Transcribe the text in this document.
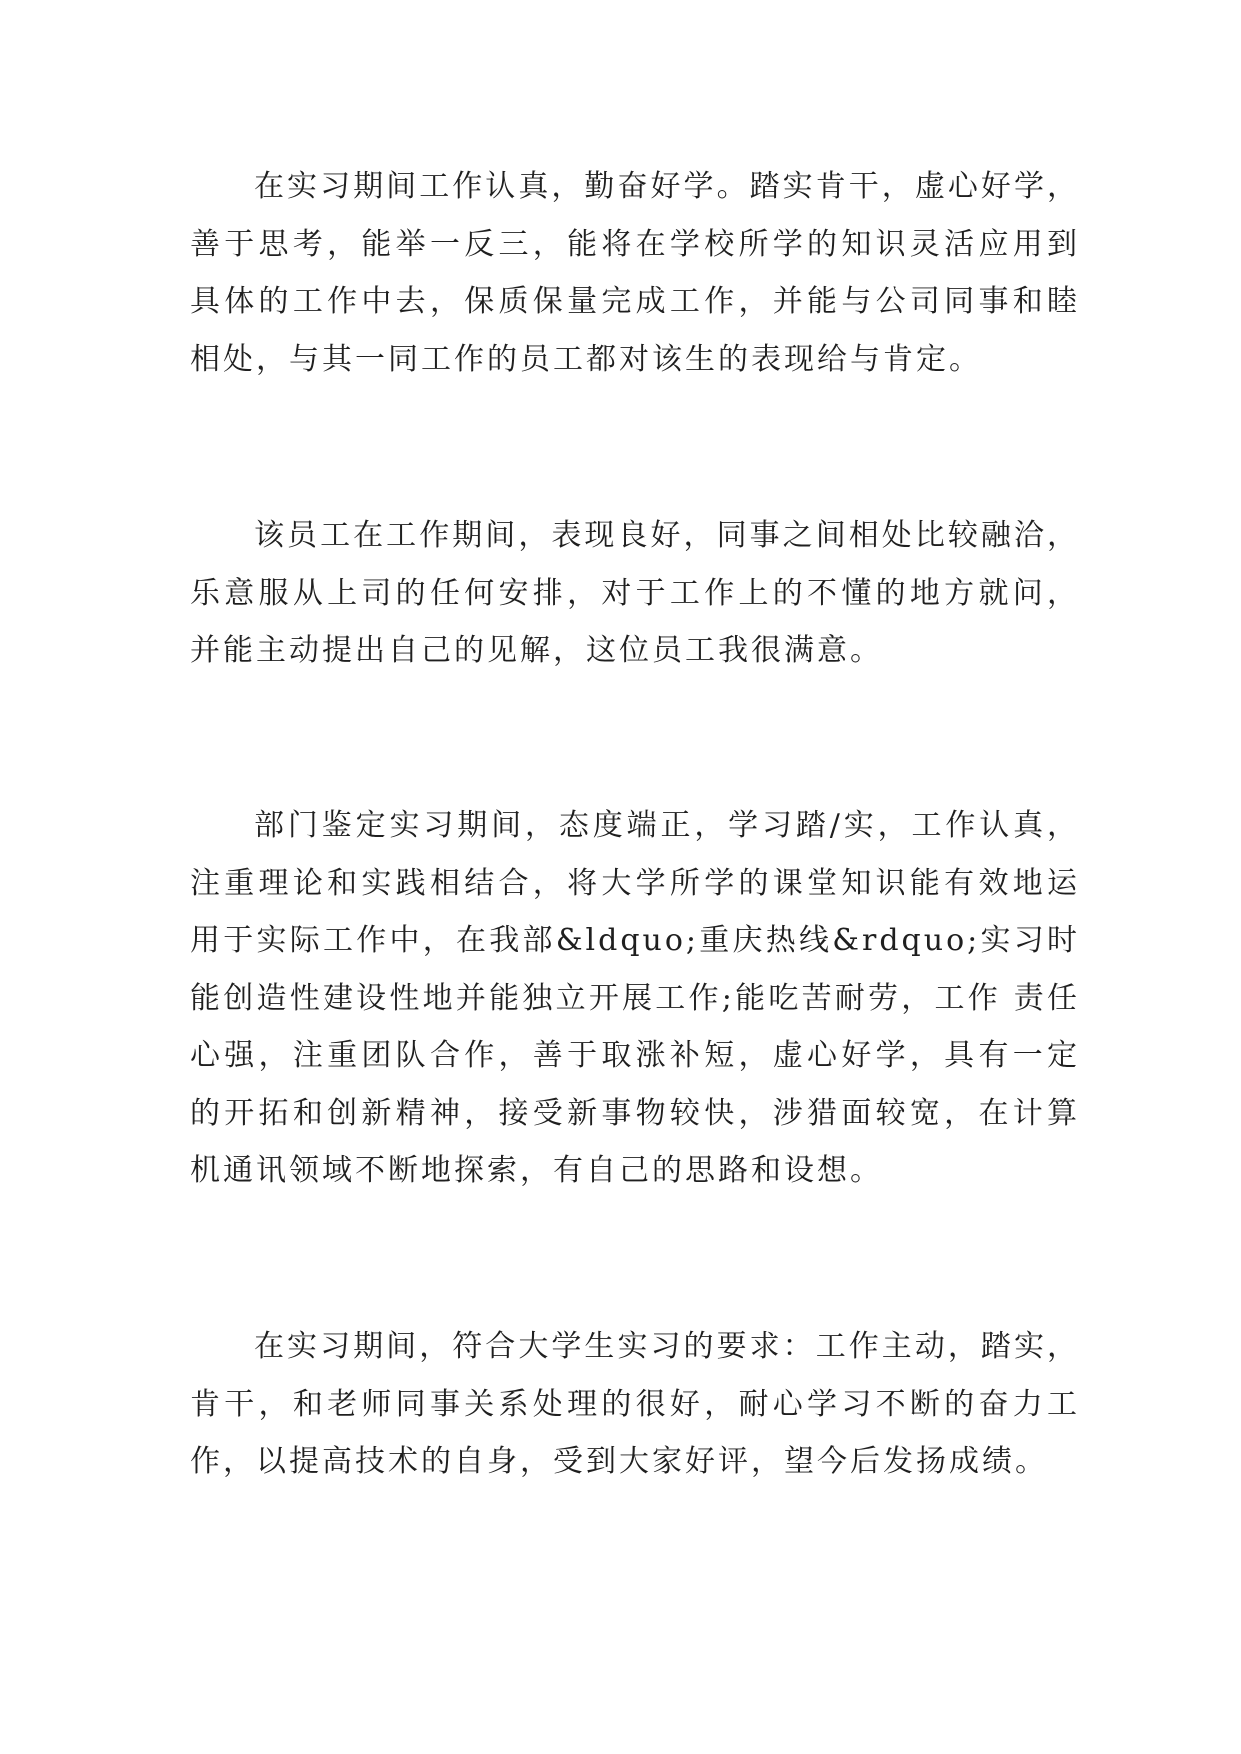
在实习期间工作认真，勤奋好学。踏实肯干，虚心好学，善于思考，能举一反三，能将在学校所学的知识灵活应用到具体的工作中去，保质保量完成工作，并能与公司同事和睦相处，与其一同工作的员工都对该生的表现给与肯定。

该员工在工作期间，表现良好，同事之间相处比较融洽，乐意服从上司的任何安排，对于工作上的不懂的地方就问，并能主动提出自己的见解，这位员工我很满意。

部门鉴定实习期间，态度端正，学习踏/实，工作认真，注重理论和实践相结合，将大学所学的课堂知识能有效地运用于实际工作中，在我部&ldquo;重庆热线&rdquo;实习时能创造性建设性地并能独立开展工作;能吃苦耐劳，工作 责任心强，注重团队合作，善于取涨补短，虚心好学，具有一定的开拓和创新精神，接受新事物较快，涉猎面较宽，在计算机通讯领域不断地探索，有自己的思路和设想。

在实习期间，符合大学生实习的要求：工作主动，踏实，肯干，和老师同事关系处理的很好，耐心学习不断的奋力工作，以提高技术的自身，受到大家好评，望今后发扬成绩。
